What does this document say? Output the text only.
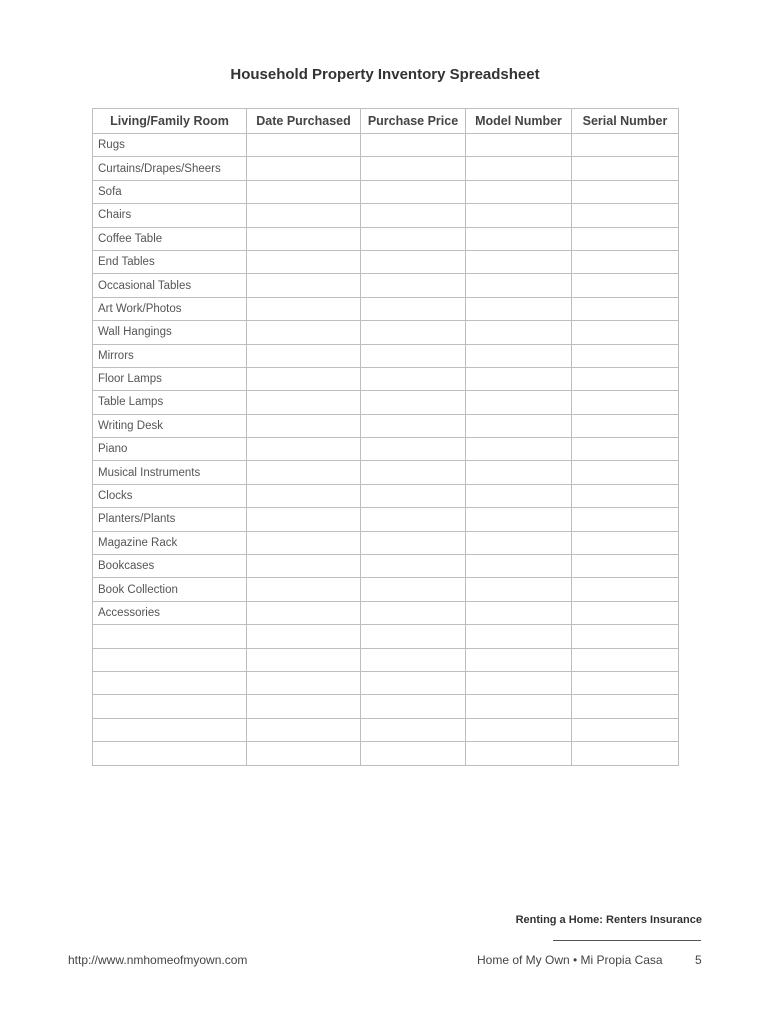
Household Property Inventory Spreadsheet
Living/Family Room	Date Purchased	Purchase Price	Model Number	Serial Number
Rugs				
Curtains/Drapes/Sheers				
Sofa				
Chairs				
Coffee Table				
End Tables				
Occasional Tables				
Art Work/Photos				
Wall Hangings				
Mirrors				
Floor Lamps				
Table Lamps				
Writing Desk				
Piano				
Musical Instruments				
Clocks				
Planters/Plants				
Magazine Rack				
Bookcases				
Book Collection				
Accessories				

Renting a Home: Renters Insurance
http://www.nmhomeofmyown.com	Home of My Own • Mi Propia Casa	5
